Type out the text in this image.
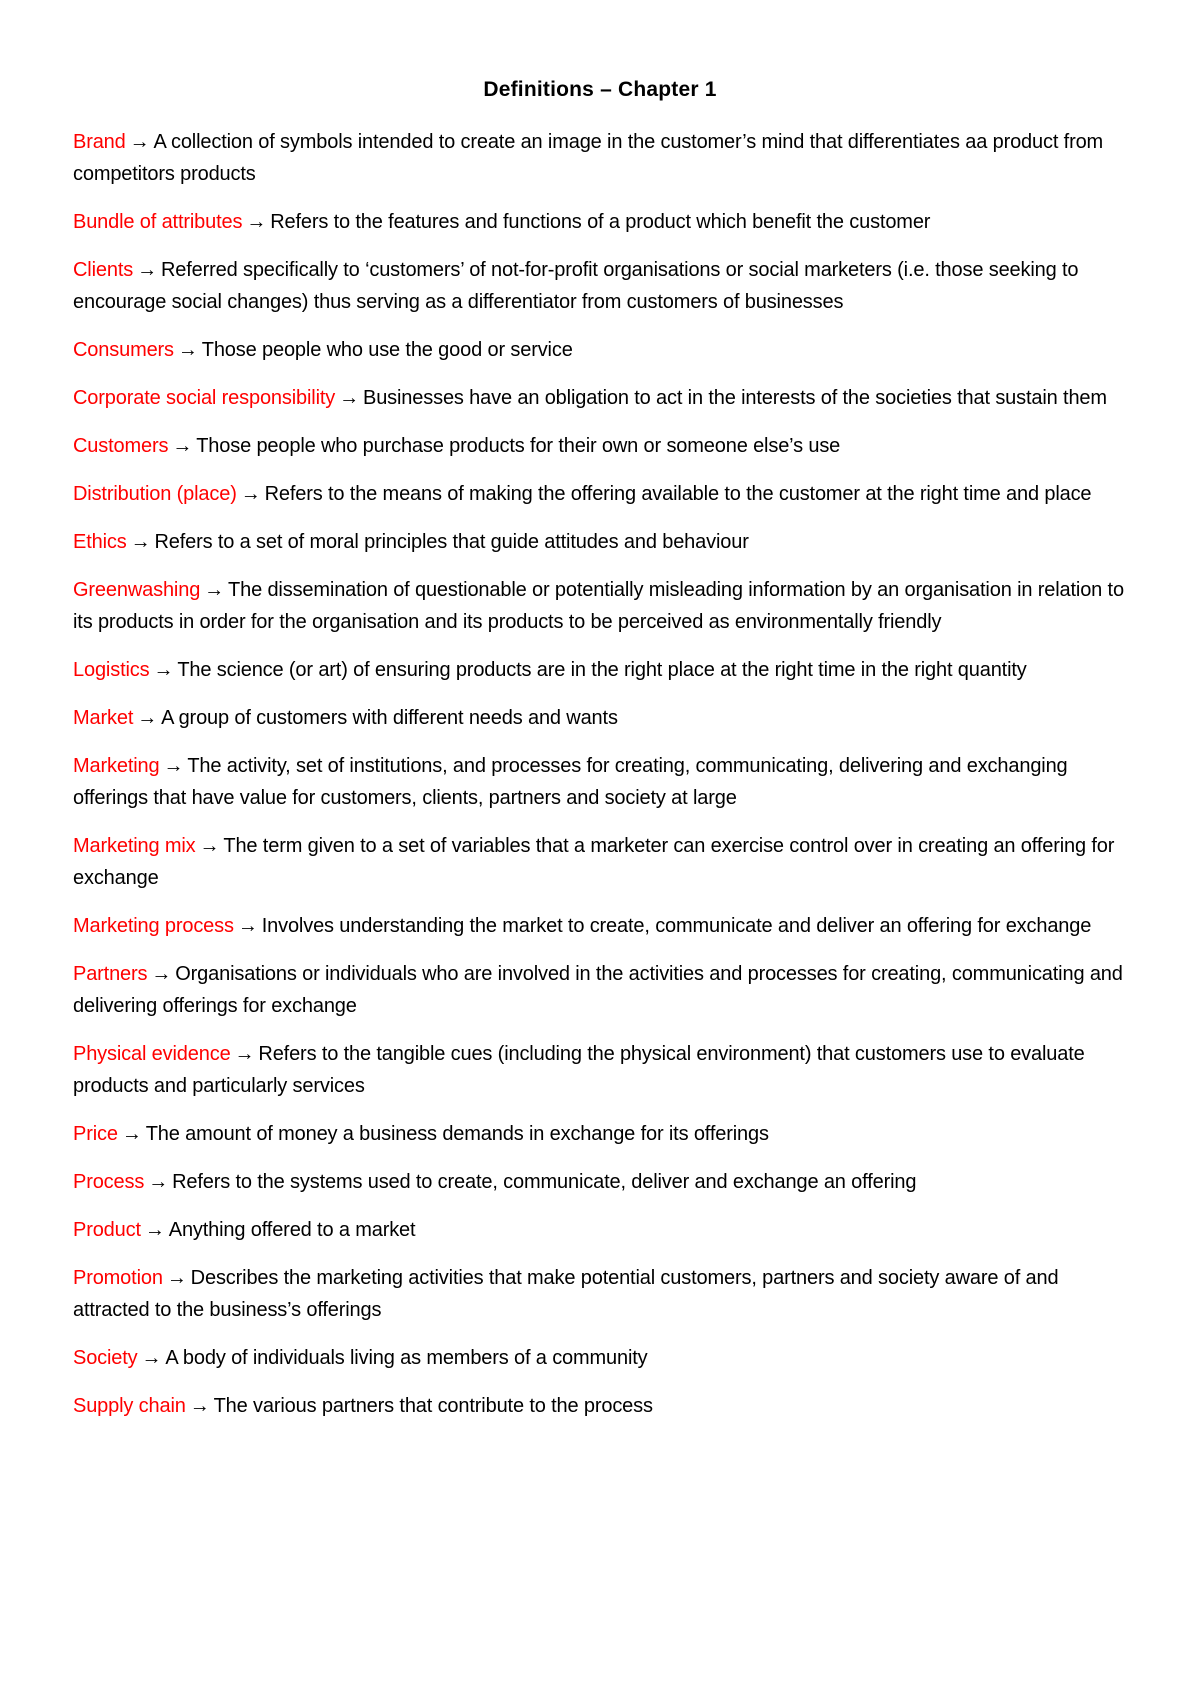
Definitions – Chapter 1

Brand → A collection of symbols intended to create an image in the customer’s mind that differentiates aa product from competitors products

Bundle of attributes → Refers to the features and functions of a product which benefit the customer

Clients → Referred specifically to ‘customers’ of not-for-profit organisations or social marketers (i.e. those seeking to encourage social changes) thus serving as a differentiator from customers of businesses

Consumers → Those people who use the good or service

Corporate social responsibility → Businesses have an obligation to act in the interests of the societies that sustain them

Customers → Those people who purchase products for their own or someone else’s use

Distribution (place) → Refers to the means of making the offering available to the customer at the right time and place

Ethics → Refers to a set of moral principles that guide attitudes and behaviour

Greenwashing → The dissemination of questionable or potentially misleading information by an organisation in relation to its products in order for the organisation and its products to be perceived as environmentally friendly

Logistics → The science (or art) of ensuring products are in the right place at the right time in the right quantity

Market → A group of customers with different needs and wants

Marketing → The activity, set of institutions, and processes for creating, communicating, delivering and exchanging offerings that have value for customers, clients, partners and society at large

Marketing mix → The term given to a set of variables that a marketer can exercise control over in creating an offering for exchange

Marketing process → Involves understanding the market to create, communicate and deliver an offering for exchange

Partners → Organisations or individuals who are involved in the activities and processes for creating, communicating and delivering offerings for exchange

Physical evidence → Refers to the tangible cues (including the physical environment) that customers use to evaluate products and particularly services

Price → The amount of money a business demands in exchange for its offerings

Process → Refers to the systems used to create, communicate, deliver and exchange an offering

Product → Anything offered to a market

Promotion → Describes the marketing activities that make potential customers, partners and society aware of and attracted to the business’s offerings

Society → A body of individuals living as members of a community

Supply chain → The various partners that contribute to the process
